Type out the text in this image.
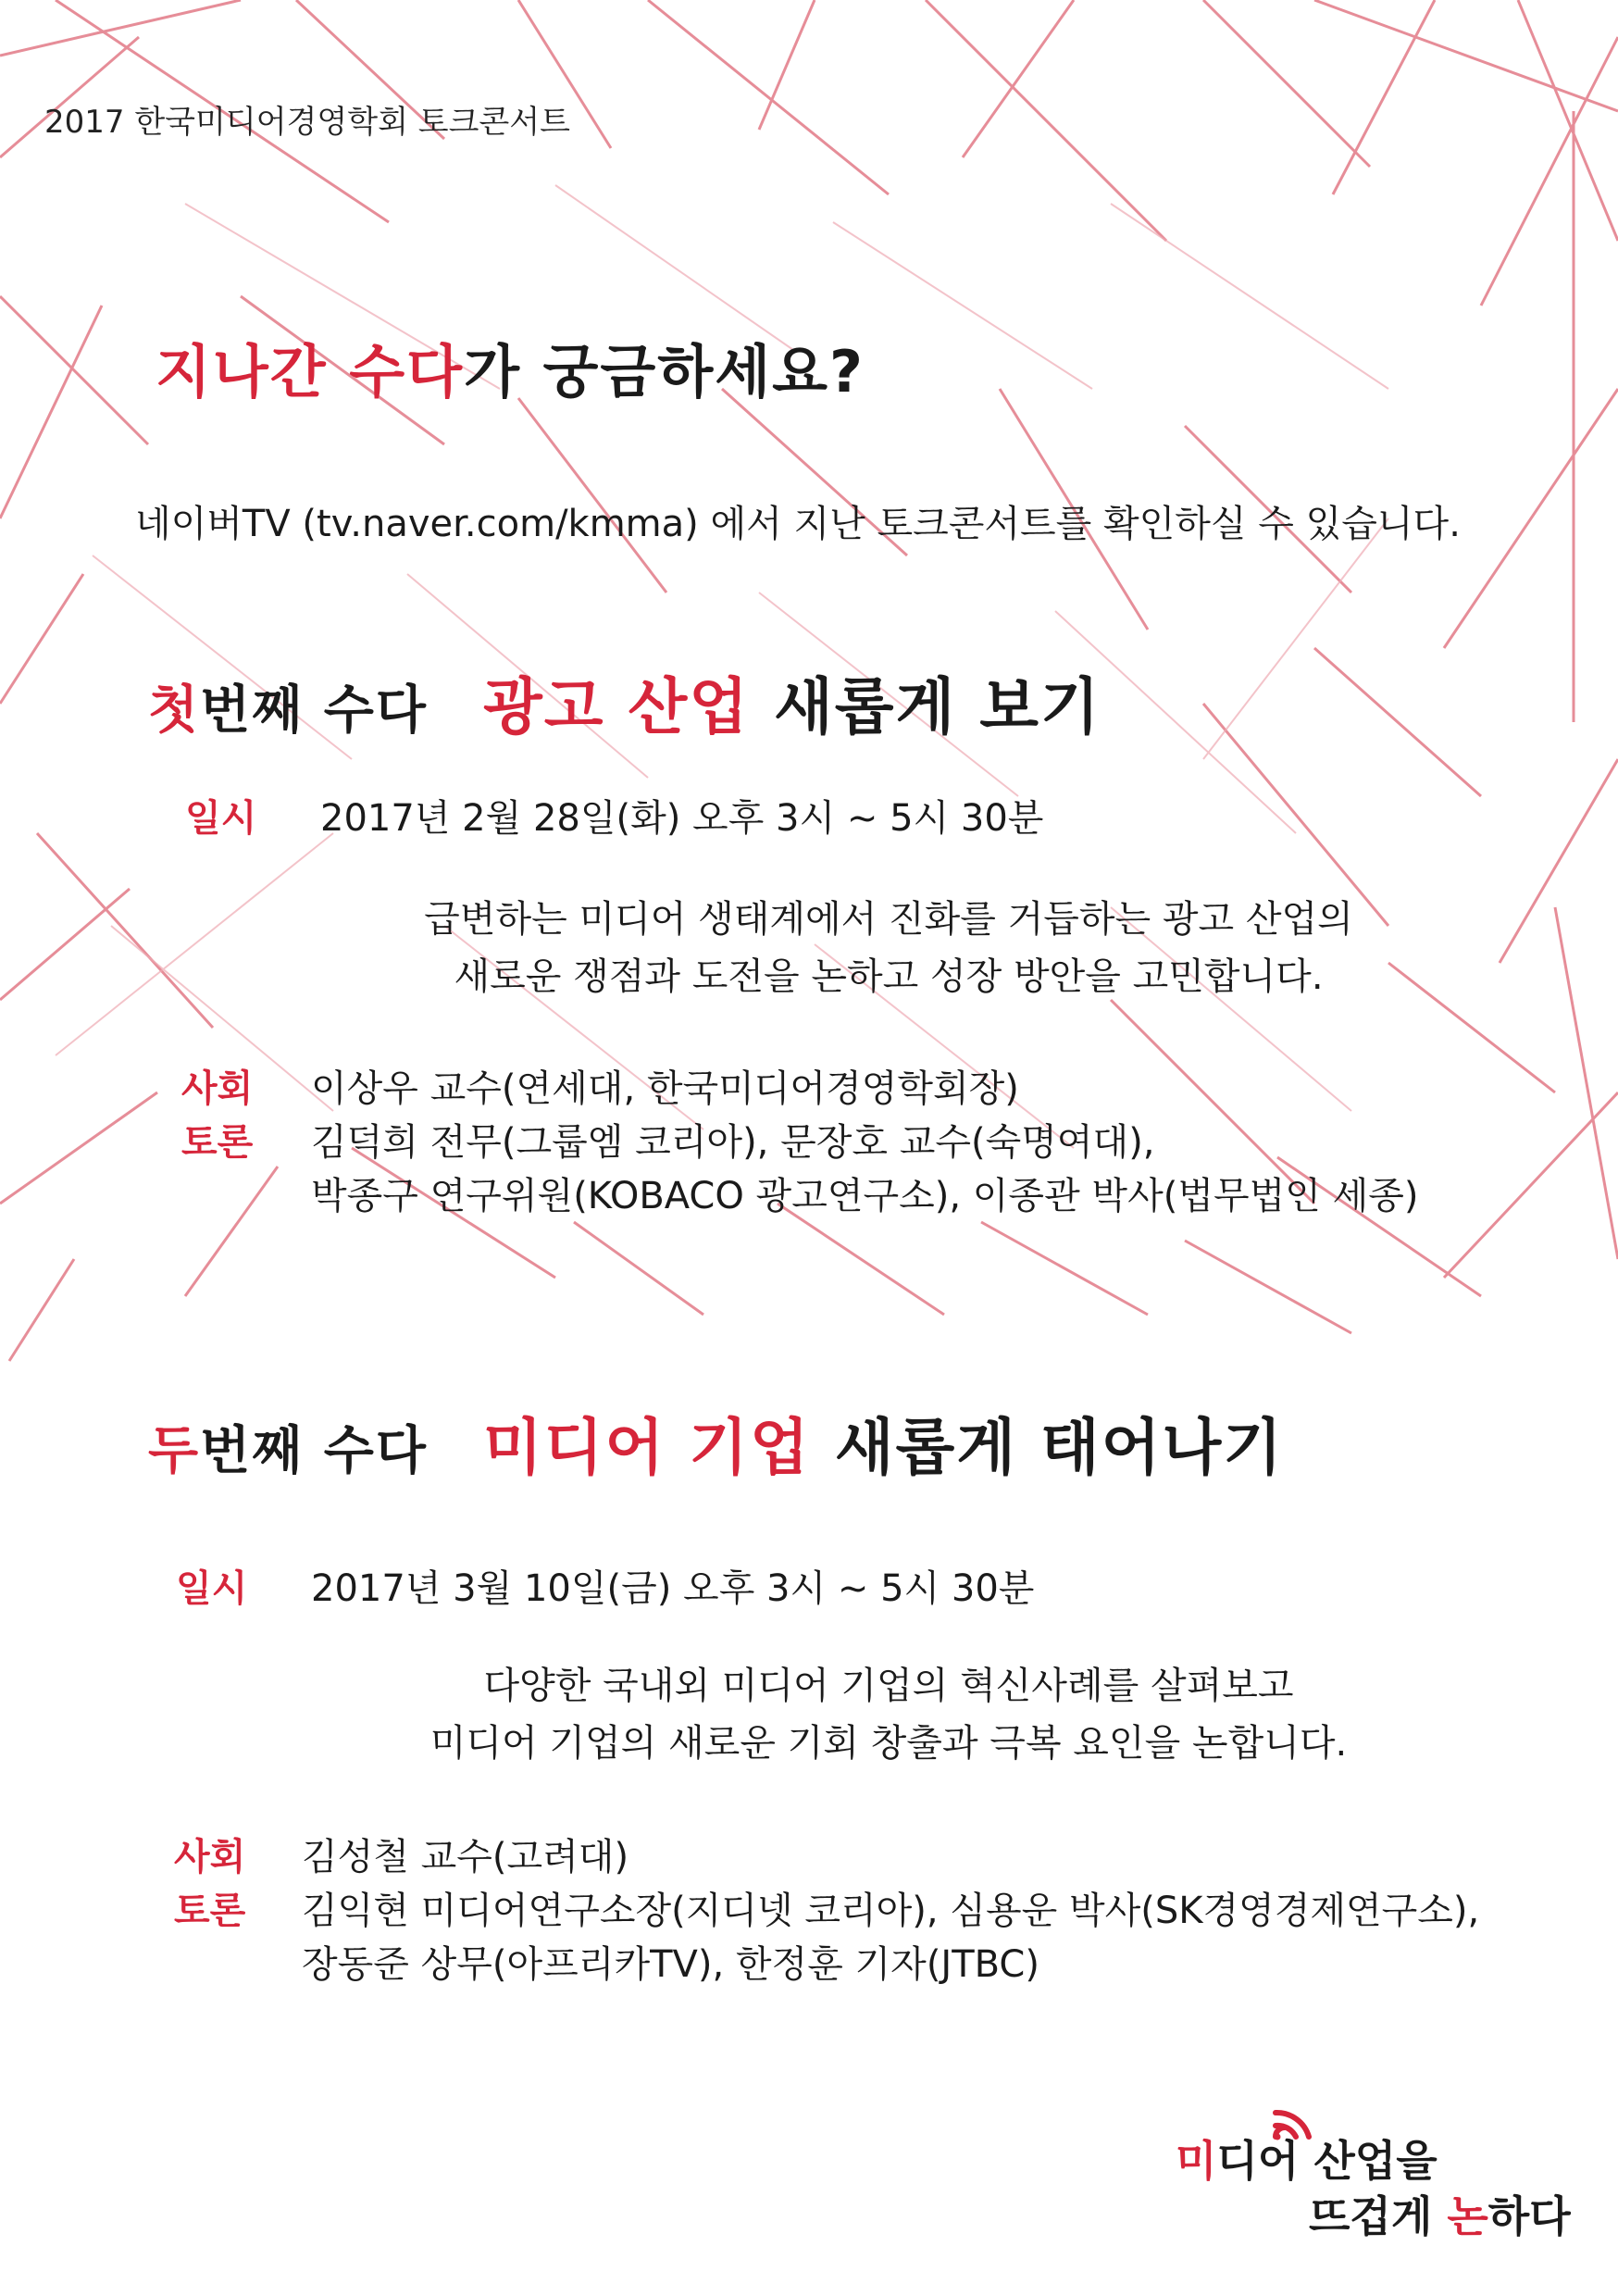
2017 한국미디어경영학회 토크콘서트
지나간 수다가 궁금하세요?
네이버TV (tv.naver.com/kmma) 에서 지난 토크콘서트를 확인하실 수 있습니다.
첫번째 수다 광고 산업 새롭게 보기
일시 2017년 2월 28일(화) 오후 3시 ~ 5시 30분
급변하는 미디어 생태계에서 진화를 거듭하는 광고 산업의
새로운 쟁점과 도전을 논하고 성장 방안을 고민합니다.
사회 이상우 교수(연세대, 한국미디어경영학회장)
토론 김덕희 전무(그룹엠 코리아), 문장호 교수(숙명여대),
박종구 연구위원(KOBACO 광고연구소), 이종관 박사(법무법인 세종)
두번째 수다 미디어 기업 새롭게 태어나기
일시 2017년 3월 10일(금) 오후 3시 ~ 5시 30분
다양한 국내외 미디어 기업의 혁신사례를 살펴보고
미디어 기업의 새로운 기회 창출과 극복 요인을 논합니다.
사회 김성철 교수(고려대)
토론 김익현 미디어연구소장(지디넷 코리아), 심용운 박사(SK경영경제연구소),
장동준 상무(아프리카TV), 한정훈 기자(JTBC)
미디어 산업을
뜨겁게 논하다
